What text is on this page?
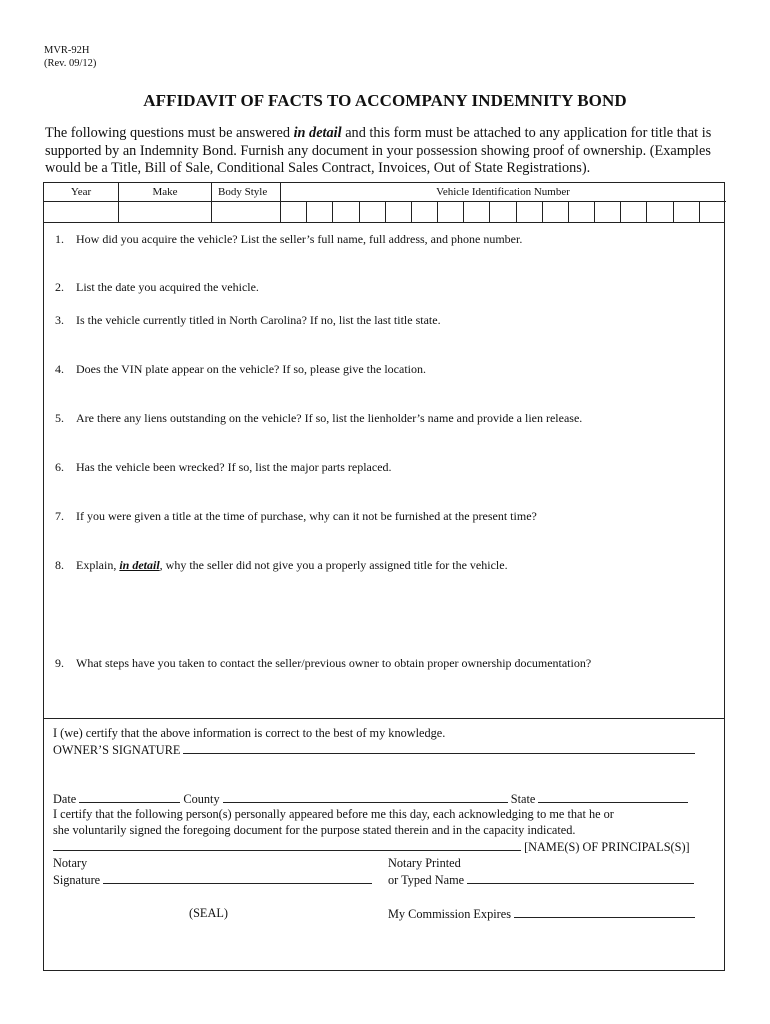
MVR-92H
(Rev. 09/12)
AFFIDAVIT OF FACTS TO ACCOMPANY INDEMNITY BOND
The following questions must be answered in detail and this form must be attached to any application for title that is supported by an Indemnity Bond. Furnish any document in your possession showing proof of ownership. (Examples would be a Title, Bill of Sale, Conditional Sales Contract, Invoices, Out of State Registrations).
Year	Make	Body Style	Vehicle Identification Number
1. How did you acquire the vehicle? List the seller’s full name, full address, and phone number.
2. List the date you acquired the vehicle.
3. Is the vehicle currently titled in North Carolina? If no, list the last title state.
4. Does the VIN plate appear on the vehicle? If so, please give the location.
5. Are there any liens outstanding on the vehicle? If so, list the lienholder’s name and provide a lien release.
6. Has the vehicle been wrecked? If so, list the major parts replaced.
7. If you were given a title at the time of purchase, why can it not be furnished at the present time?
8. Explain, in detail, why the seller did not give you a properly assigned title for the vehicle.
9. What steps have you taken to contact the seller/previous owner to obtain proper ownership documentation?
I (we) certify that the above information is correct to the best of my knowledge.
OWNER’S SIGNATURE
Date	County	State
I certify that the following person(s) personally appeared before me this day, each acknowledging to me that he or
she voluntarily signed the foregoing document for the purpose stated therein and in the capacity indicated.
[NAME(S) OF PRINCIPALS(S)]
Notary
Signature
Notary Printed
or Typed Name
(SEAL)	My Commission Expires
